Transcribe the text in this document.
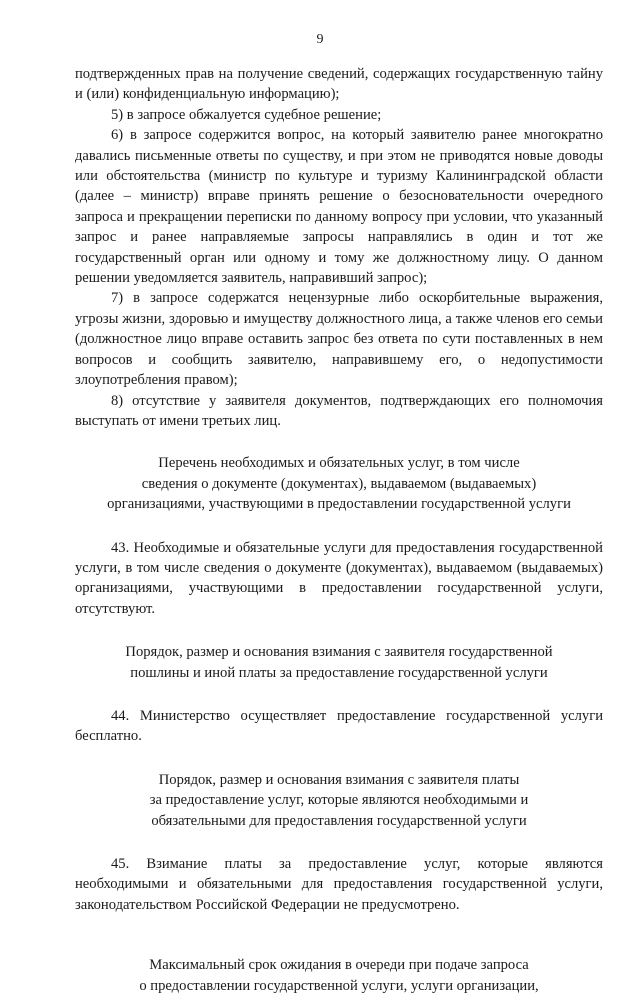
9

подтвержденных прав на получение сведений, содержащих государственную тайну и (или) конфиденциальную информацию);

5) в запросе обжалуется судебное решение;

6) в запросе содержится вопрос, на который заявителю ранее многократно давались письменные ответы по существу, и при этом не приводятся новые доводы или обстоятельства (министр по культуре и туризму Калининградской области (далее – министр) вправе принять решение о безосновательности очередного запроса и прекращении переписки по данному вопросу при условии, что указанный запрос и ранее направляемые запросы направлялись в один и тот же государственный орган или одному и тому же должностному лицу. О данном решении уведомляется заявитель, направивший запрос);

7) в запросе содержатся нецензурные либо оскорбительные выражения, угрозы жизни, здоровью и имуществу должностного лица, а также членов его семьи (должностное лицо вправе оставить запрос без ответа по сути поставленных в нем вопросов и сообщить заявителю, направившему его, о недопустимости злоупотребления правом);

8) отсутствие у заявителя документов, подтверждающих его полномочия выступать от имени третьих лиц.

Перечень необходимых и обязательных услуг, в том числе

сведения о документе (документах), выдаваемом (выдаваемых)

организациями, участвующими в предоставлении государственной услуги

43. Необходимые и обязательные услуги для предоставления государственной услуги, в том числе сведения о документе (документах), выдаваемом (выдаваемых) организациями, участвующими в предоставлении государственной услуги, отсутствуют.

Порядок, размер и основания взимания с заявителя государственной

пошлины и иной платы за предоставление государственной услуги

44. Министерство осуществляет предоставление государственной услуги бесплатно.

Порядок, размер и основания взимания с заявителя платы

за предоставление услуг, которые являются необходимыми и

обязательными для предоставления государственной услуги

45. Взимание платы за предоставление услуг, которые являются необходимыми и обязательными для предоставления государственной услуги, законодательством Российской Федерации не предусмотрено.

Максимальный срок ожидания в очереди при подаче запроса

о предоставлении государственной услуги, услуги организации,
